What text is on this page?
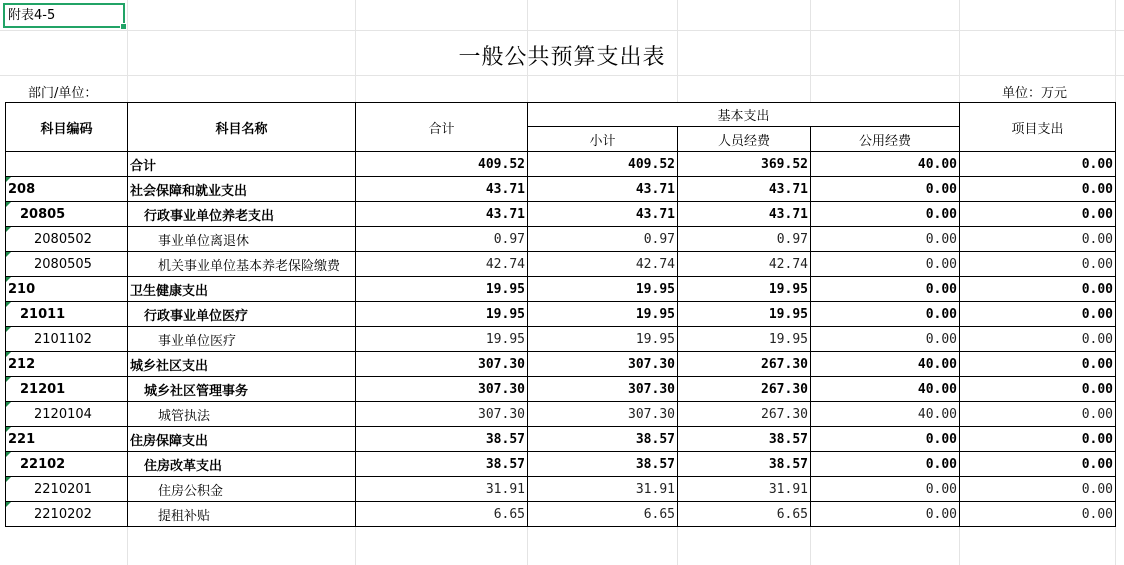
附表4-5
一般公共预算支出表
部门/单位：	单位：万元
科目编码	科目名称	合计	基本支出			项目支出
			小计	人员经费	公用经费	
	合计	409.52	409.52	369.52	40.00	0.00
208	社会保障和就业支出	43.71	43.71	43.71	0.00	0.00
20805	行政事业单位养老支出	43.71	43.71	43.71	0.00	0.00
2080502	事业单位离退休	0.97	0.97	0.97	0.00	0.00
2080505	机关事业单位基本养老保险缴费	42.74	42.74	42.74	0.00	0.00
210	卫生健康支出	19.95	19.95	19.95	0.00	0.00
21011	行政事业单位医疗	19.95	19.95	19.95	0.00	0.00
2101102	事业单位医疗	19.95	19.95	19.95	0.00	0.00
212	城乡社区支出	307.30	307.30	267.30	40.00	0.00
21201	城乡社区管理事务	307.30	307.30	267.30	40.00	0.00
2120104	城管执法	307.30	307.30	267.30	40.00	0.00
221	住房保障支出	38.57	38.57	38.57	0.00	0.00
22102	住房改革支出	38.57	38.57	38.57	0.00	0.00
2210201	住房公积金	31.91	31.91	31.91	0.00	0.00
2210202	提租补贴	6.65	6.65	6.65	0.00	0.00
